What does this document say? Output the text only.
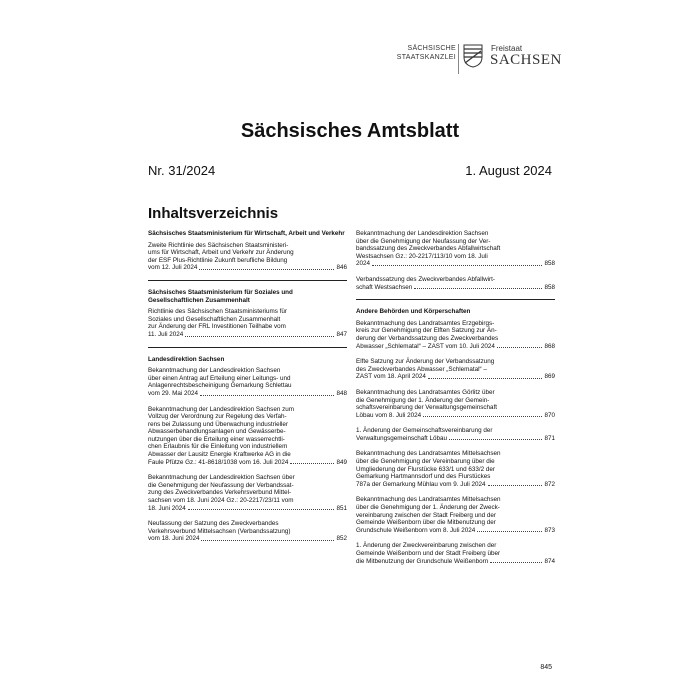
SÄCHSISCHE
STAATSKANZLEI
Freistaat
SACHSEN
Sächsisches Amtsblatt
Nr. 31/2024	1. August 2024
Inhaltsverzeichnis
Sächsisches Staatsministerium für Wirtschaft, Arbeit und Verkehr
Zweite Richtlinie des Sächsischen Staatsministeri-
ums für Wirtschaft, Arbeit und Verkehr zur Änderung
der ESF Plus-Richtlinie Zukunft berufliche Bildung
vom 12. Juli 2024	846
Sächsisches Staatsministerium für Soziales und Gesellschaftlichen Zusammenhalt
Richtlinie des Sächsischen Staatsministeriums für
Soziales und Gesellschaftlichen Zusammenhalt
zur Änderung der FRL Investitionen Teilhabe vom
11. Juli 2024	847
Landesdirektion Sachsen
Bekanntmachung der Landesdirektion Sachsen
über einen Antrag auf Erteilung einer Leitungs- und
Anlagenrechtsbescheinigung Gemarkung Schlettau
vom 29. Mai 2024	848
Bekanntmachung der Landesdirektion Sachsen zum
Vollzug der Verordnung zur Regelung des Verfah-
rens bei Zulassung und Überwachung industrieller
Abwasserbehandlungsanlagen und Gewässerbe-
nutzungen über die Erteilung einer wasserrechtli-
chen Erlaubnis für die Einleitung von industriellem
Abwasser der Lausitz Energie Kraftwerke AG in die
Faule Pfütze Gz.: 41-8618/1038 vom 16. Juli 2024	849
Bekanntmachung der Landesdirektion Sachsen über
die Genehmigung der Neufassung der Verbandssat-
zung des Zweckverbandes Verkehrsverbund Mittel-
sachsen vom 18. Juni 2024 Gz.: 20-2217/23/11 vom
18. Juni 2024	851
Neufassung der Satzung des Zweckverbandes
Verkehrsverbund Mittelsachsen (Verbandssatzung)
vom 18. Juni 2024	852
Bekanntmachung der Landesdirektion Sachsen
über die Genehmigung der Neufassung der Ver-
bandssatzung des Zweckverbandes Abfallwirtschaft
Westsachsen Gz.: 20-2217/113/10 vom 18. Juli
2024	858
Verbandssatzung des Zweckverbandes Abfallwirt-
schaft Westsachsen	858
Andere Behörden und Körperschaften
Bekanntmachung des Landratsamtes Erzgebirgs-
kreis zur Genehmigung der Elften Satzung zur Än-
derung der Verbandssatzung des Zweckverbandes
Abwasser „Schlematal“ – ZAST vom 10. Juli 2024	868
Elfte Satzung zur Änderung der Verbandssatzung
des Zweckverbandes Abwasser „Schlematal“ –
ZAST vom 18. April 2024	869
Bekanntmachung des Landratsamtes Görlitz über
die Genehmigung der 1. Änderung der Gemein-
schaftsvereinbarung der Verwaltungsgemeinschaft
Löbau vom 8. Juli 2024	870
1. Änderung der Gemeinschaftsvereinbarung der
Verwaltungsgemeinschaft Löbau	871
Bekanntmachung des Landratsamtes Mittelsachsen
über die Genehmigung der Vereinbarung über die
Umgliederung der Flurstücke 633/1 und 633/2 der
Gemarkung Hartmannsdorf und des Flurstückes
787a der Gemarkung Mühlau vom 9. Juli 2024	872
Bekanntmachung des Landratsamtes Mittelsachsen
über die Genehmigung der 1. Änderung der Zweck-
vereinbarung zwischen der Stadt Freiberg und der
Gemeinde Weißenborn über die Mitbenutzung der
Grundschule Weißenborn vom 8. Juli 2024	873
1. Änderung der Zweckvereinbarung zwischen der
Gemeinde Weißenborn und der Stadt Freiberg über
die Mitbenutzung der Grundschule Weißenborn	874
845
